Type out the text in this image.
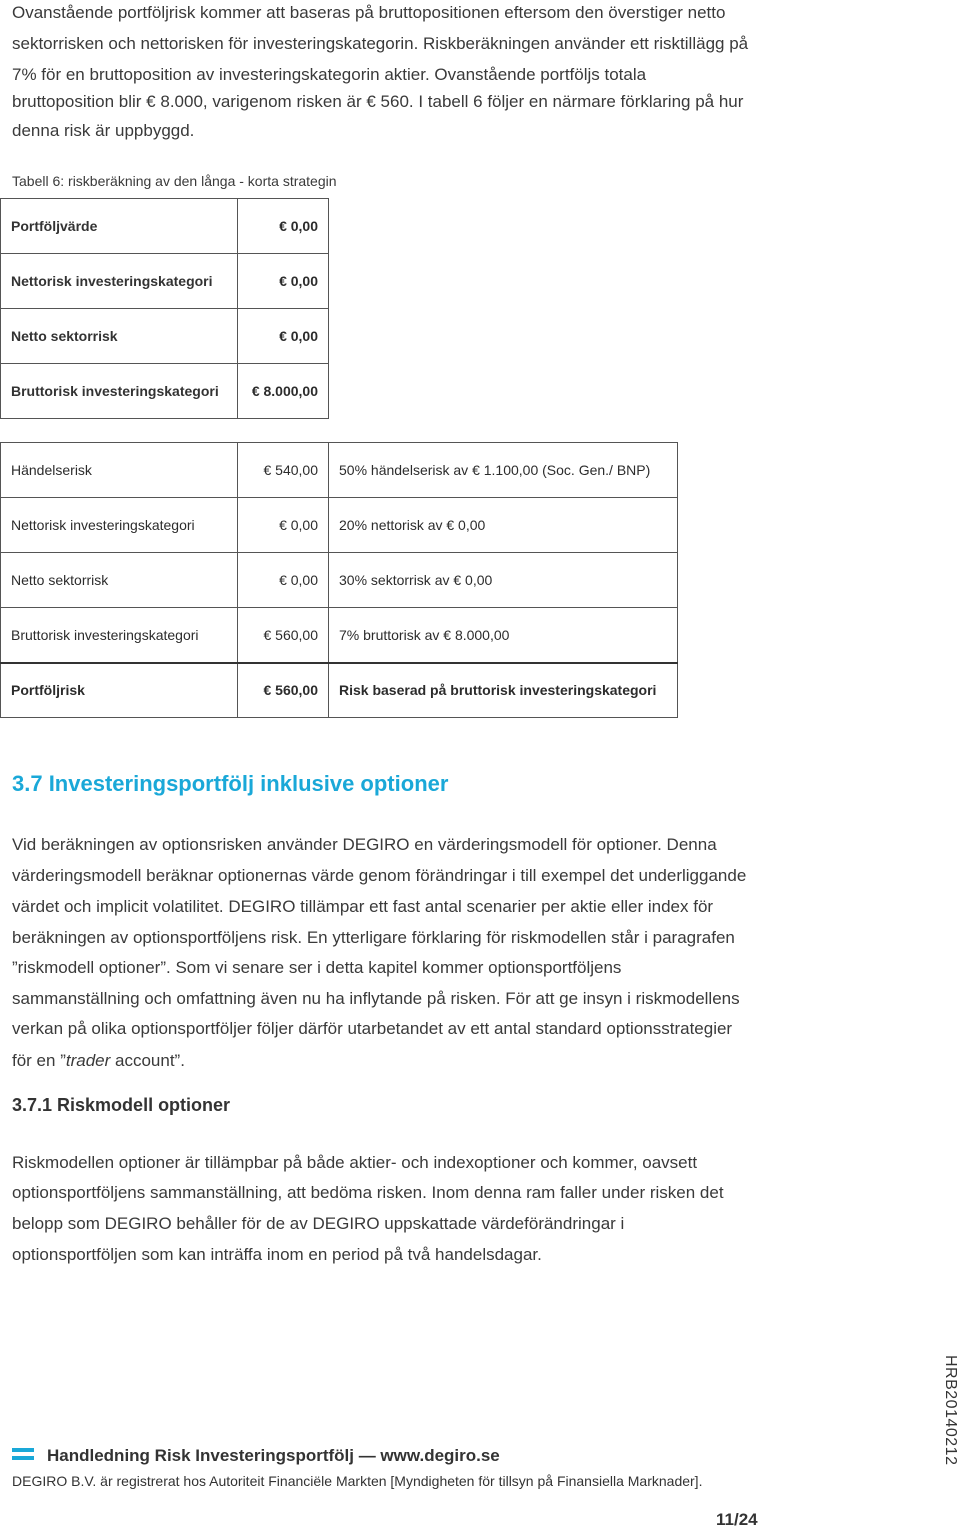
Ovanstående portföljrisk kommer att baseras på bruttopositionen eftersom den överstiger netto

sektorrisken och nettorisken för investeringskategorin. Riskberäkningen använder ett risktillägg på

7% för en bruttoposition av investeringskategorin aktier. Ovanstående portföljs totala

bruttoposition blir € 8.000, varigenom risken är € 560. I tabell 6 följer en närmare förklaring på hur

denna risk är uppbyggd.

Tabell 6: riskberäkning av den långa - korta strategin

Portföljvärde	€ 0,00
Nettorisk investeringskategori	€ 0,00
Netto sektorrisk	€ 0,00
Bruttorisk investeringskategori	€ 8.000,00
Händelserisk	€ 540,00	50% händelserisk av € 1.100,00 (Soc. Gen./ BNP)
Nettorisk investeringskategori	€ 0,00	20% nettorisk av € 0,00
Netto sektorrisk	€ 0,00	30% sektorrisk av € 0,00
Bruttorisk investeringskategori	€ 560,00	7% bruttorisk av € 8.000,00
Portföljrisk	€ 560,00	Risk baserad på bruttorisk investeringskategori
3.7 Investeringsportfölj inklusive optioner

Vid beräkningen av optionsrisken använder DEGIRO en värderingsmodell för optioner. Denna

värderingsmodell beräknar optionernas värde genom förändringar i till exempel det underliggande

värdet och implicit volatilitet. DEGIRO tillämpar ett fast antal scenarier per aktie eller index för

beräkningen av optionsportföljens risk. En ytterligare förklaring för riskmodellen står i paragrafen

”riskmodell optioner”. Som vi senare ser i detta kapitel kommer optionsportföljens

sammanställning och omfattning även nu ha inflytande på risken. För att ge insyn i riskmodellens

verkan på olika optionsportföljer följer därför utarbetandet av ett antal standard optionsstrategier

för en ”trader account”.

3.7.1 Riskmodell optioner

Riskmodellen optioner är tillämpbar på både aktier- och indexoptioner och kommer, oavsett

optionsportföljens sammanställning, att bedöma risken. Inom denna ram faller under risken det

belopp som DEGIRO behåller för de av DEGIRO uppskattade värdeförändringar i

optionsportföljen som kan inträffa inom en period på två handelsdagar.

Handledning Risk Investeringsportfölj — www.degiro.se
DEGIRO B.V. är registrerat hos Autoriteit Financiële Markten [Myndigheten för tillsyn på Finansiella Marknader].
11/24
HRB20140212
